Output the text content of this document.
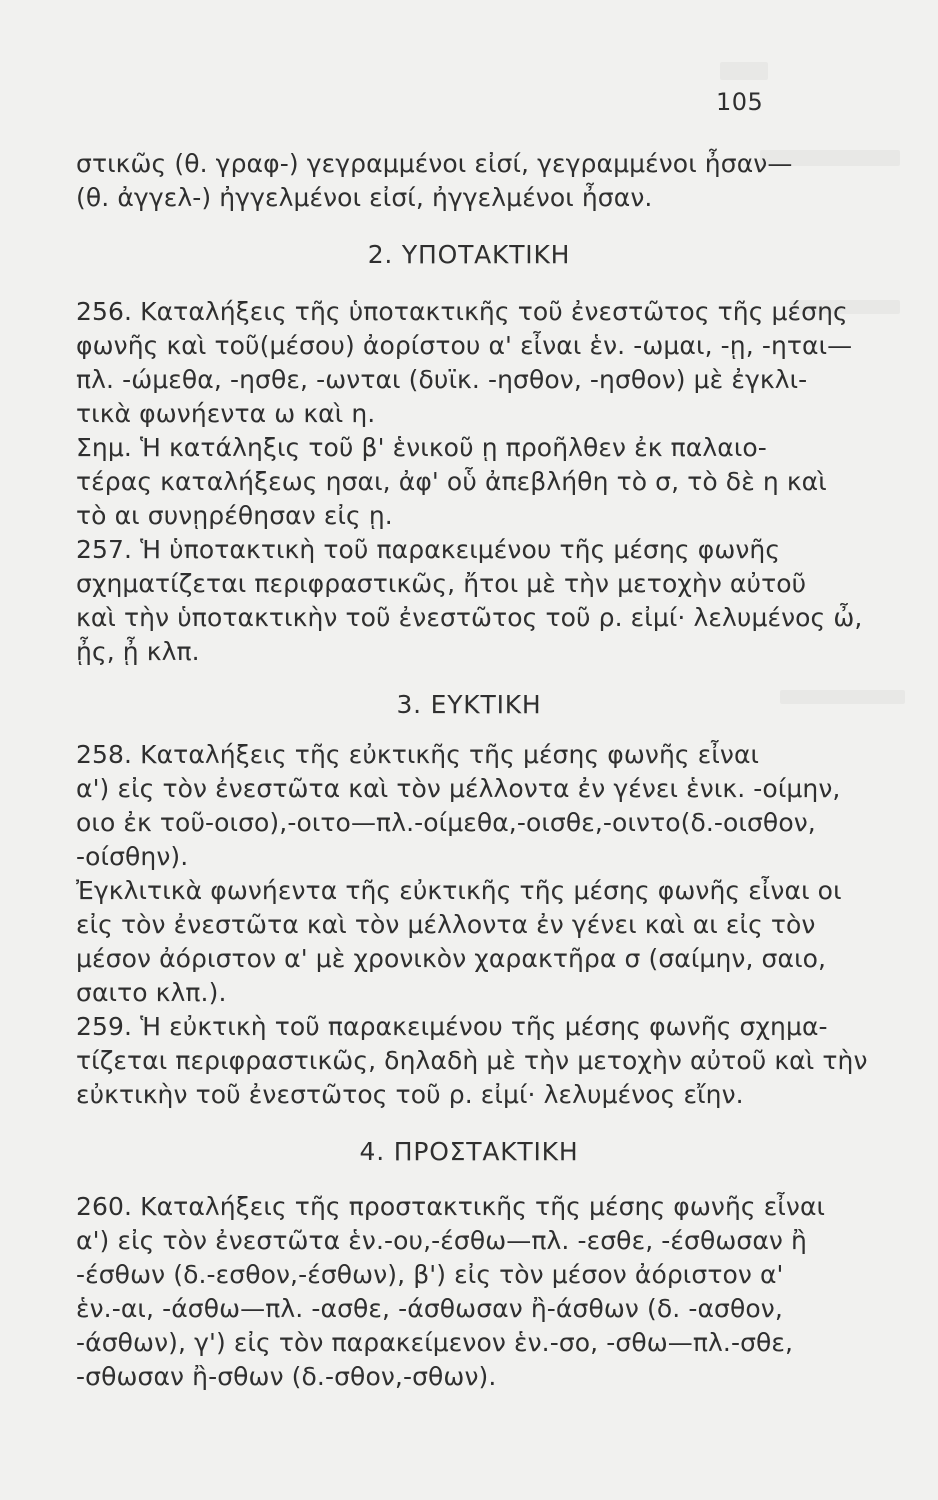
105
στικῶς (θ. γραφ-) γεγραμμένοι εἰσί, γεγραμμένοι ἦσαν—
(θ. ἀγγελ-) ἠγγελμένοι εἰσί, ἠγγελμένοι ἦσαν.
2. ΥΠΟΤΑΚΤΙΚΗ
256. Καταλήξεις τῆς ὑποτακτικῆς τοῦ ἐνεστῶτος τῆς μέσης
φωνῆς καὶ τοῦ(μέσου) ἀορίστου α' εἶναι ἑν. -ωμαι, -ῃ, -ηται—
πλ. -ώμεθα, -ησθε, -ωνται (δυϊκ. -ησθον, -ησθον) μὲ ἐγκλι-
τικὰ φωνήεντα ω καὶ η.
Σημ. Ἡ κατάληξις τοῦ β' ἑνικοῦ ῃ προῆλθεν ἐκ παλαιο-
τέρας καταλήξεως ησαι, ἀφ' οὗ ἀπεβλήθη τὸ σ, τὸ δὲ η καὶ
τὸ αι συνῃρέθησαν εἰς ῃ.
257. Ἡ ὑποτακτικὴ τοῦ παρακειμένου τῆς μέσης φωνῆς
σχηματίζεται περιφραστικῶς, ἤτοι μὲ τὴν μετοχὴν αὐτοῦ
καὶ τὴν ὑποτακτικὴν τοῦ ἐνεστῶτος τοῦ ρ. εἰμί· λελυμένος ὦ,
ᾖς, ᾖ κλπ.
3. ΕΥΚΤΙΚΗ
258. Καταλήξεις τῆς εὐκτικῆς τῆς μέσης φωνῆς εἶναι
α') εἰς τὸν ἐνεστῶτα καὶ τὸν μέλλοντα ἐν γένει ἑνικ. -οίμην,
οιο ἐκ τοῦ-οισο),-οιτο—πλ.-οίμεθα,-οισθε,-οιντο(δ.-οισθον,
-οίσθην).
Ἐγκλιτικὰ φωνήεντα τῆς εὐκτικῆς τῆς μέσης φωνῆς εἶναι οι
εἰς τὸν ἐνεστῶτα καὶ τὸν μέλλοντα ἐν γένει καὶ αι εἰς τὸν
μέσον ἀόριστον α' μὲ χρονικὸν χαρακτῆρα σ (σαίμην, σαιο,
σαιτο κλπ.).
259. Ἡ εὐκτικὴ τοῦ παρακειμένου τῆς μέσης φωνῆς σχημα-
τίζεται περιφραστικῶς, δηλαδὴ μὲ τὴν μετοχὴν αὐτοῦ καὶ τὴν
εὐκτικὴν τοῦ ἐνεστῶτος τοῦ ρ. εἰμί· λελυμένος εἴην.
4. ΠΡΟΣΤΑΚΤΙΚΗ
260. Καταλήξεις τῆς προστακτικῆς τῆς μέσης φωνῆς εἶναι
α') εἰς τὸν ἐνεστῶτα ἑν.-ου,-έσθω—πλ. -εσθε, -έσθωσαν ἢ
-έσθων (δ.-εσθον,-έσθων), β') εἰς τὸν μέσον ἀόριστον α'
ἑν.-αι, -άσθω—πλ. -ασθε, -άσθωσαν ἢ-άσθων (δ. -ασθον,
-άσθων), γ') εἰς τὸν παρακείμενον ἑν.-σο, -σθω—πλ.-σθε,
-σθωσαν ἢ-σθων (δ.-σθον,-σθων).
